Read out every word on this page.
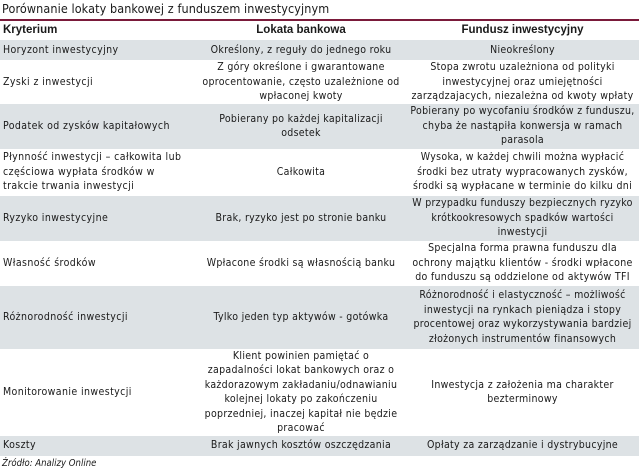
Porównanie lokaty bankowej z funduszem inwestycyjnym
Kryterium	Lokata bankowa	Fundusz inwestycyjny
Horyzont inwestycyjny	Określony, z reguły do jednego roku	Nieokreślony
Zyski z inwestycji	Z góry określone i gwarantowane oprocentowanie, często uzależnione od wpłaconej kwoty	Stopa zwrotu uzależniona od polityki inwestycyjnej oraz umiejętności zarządzajacych, niezależna od kwoty wpłaty
Podatek od zysków kapitałowych	Pobierany po każdej kapitalizacji odsetek	Pobierany po wycofaniu środków z funduszu, chyba że nastąpiła konwersja w ramach parasola
Płynność inwestycji – całkowita lub częściowa wypłata środków w trakcie trwania inwestycji	Całkowita	Wysoka, w każdej chwili można wypłacić środki bez utraty wypracowanych zysków, środki są wypłacane w terminie do kilku dni
Ryzyko inwestycyjne	Brak, ryzyko jest po stronie banku	W przypadku funduszy bezpiecznych ryzyko krótkookresowych spadków wartości inwestycji
Własność środków	Wpłacone środki są własnością banku	Specjalna forma prawna funduszu dla ochrony majątku klientów - środki wpłacone do funduszu są oddzielone od aktywów TFI
Różnorodność inwestycji	Tylko jeden typ aktywów - gotówka	Różnorodność i elastyczność – możliwość inwestycji na rynkach pieniądza i stopy procentowej oraz wykorzystywania bardziej złożonych instrumentów finansowych
Monitorowanie inwestycji	Klient powinien pamiętać o zapadalności lokat bankowych oraz o każdorazowym zakładaniu/odnawianiu kolejnej lokaty po zakończeniu poprzedniej, inaczej kapitał nie będzie pracować	Inwestycja z założenia ma charakter bezterminowy
Koszty	Brak jawnych kosztów oszczędzania	Opłaty za zarządzanie i dystrybucyjne
Źródło: Analizy Online
